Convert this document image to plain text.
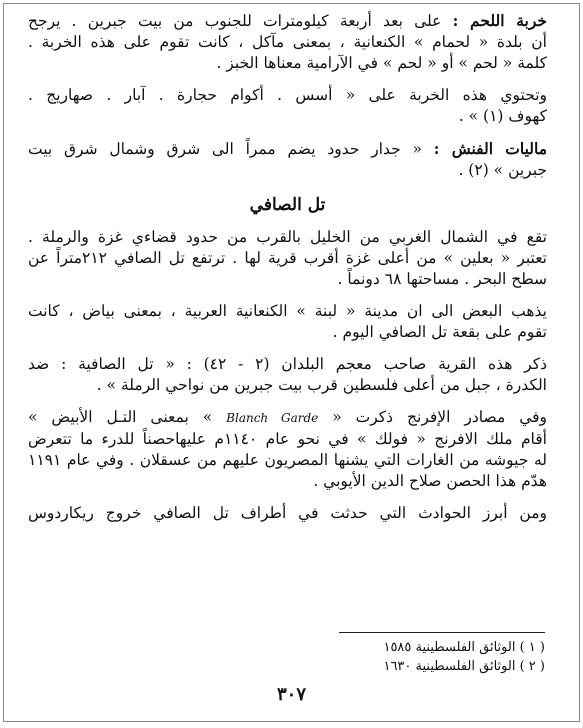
خربة اللحم : على بعد أربعة كيلومترات للجنوب من بيت جبرين . يرجح
أن بلدة « لحمام » الكنعانية ، بمعنى مآكل ، كانت تقوم على هذه الخربة .
كلمة « لحم » أو « لحم » في الآرامية معناها الخبز .
وتحتوي هذه الخربة على « أسس . أكوام حجارة . آبار . صهاريج .
كهوف (١) » .
ماليات الفنش : « جدار حدود يضم ممراً الى شرق وشمال شرق بيت
جبرين » (٢) .
تل الصافي
تقع في الشمال الغربي من الخليل بالقرب من حدود قضاءي غزة والرملة .
تعتبر « بعلين » من أعلى غزة أقرب قرية لها . ترتفع تل الصافي ٢١٢متراً عن
سطح البحر . مساحتها ٦٨ دونماً .
يذهب البعض الى ان مدينة « لبنة » الكنعانية العربية ، بمعنى بياض ، كانت
تقوم على بقعة تل الصافي اليوم .
ذكر هذه القرية صاحب معجم البلدان (٢ - ٤٢) : « تل الصافية : ضد
الكدرة ، جبل من أعلى فلسطين قرب بيت جبرين من نواحي الرملة » .
وفي مصادر الإفرنج ذكرت « Blanch Garde » بمعنى التـل الأبيض »
أقام ملك الافرنج « فولك » في نحو عام ١١٤٠م عليهاحصناً للدرء ما تتعرض
له جيوشه من الغارات التي يشنها المصريون عليهم من عسقلان . وفي عام ١١٩١
هدّم هذا الحصن صلاح الدين الأيوبي .
ومن أبرز الحوادث التي حدثت في أطراف تل الصافي خروج ريكاردوس
( ١ ) الوثائق الفلسطينية ١٥٨٥
( ٢ ) الوثائق الفلسطينية ١٦٣٠
٣٠٧
